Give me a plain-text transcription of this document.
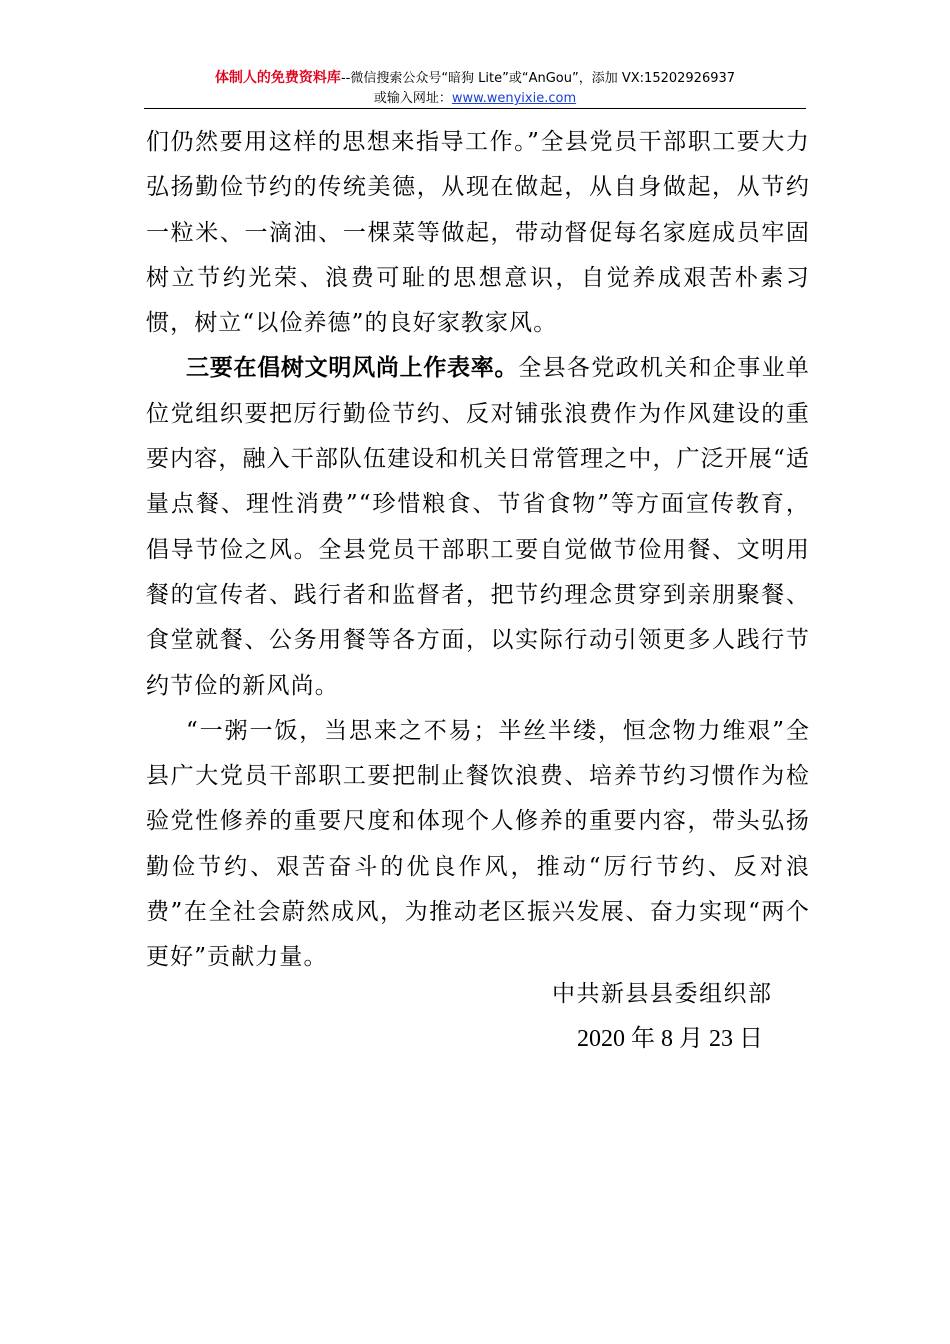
体制人的免费资料库--微信搜索公众号“暗狗 Lite”或“AnGou”，添加 VX:15202926937
或输入网址：www.wenyixie.com

们仍然要用这样的思想来指导工作。”全县党员干部职工要大力弘扬勤俭节约的传统美德，从现在做起，从自身做起，从节约一粒米、一滴油、一棵菜等做起，带动督促每名家庭成员牢固树立节约光荣、浪费可耻的思想意识，自觉养成艰苦朴素习惯，树立“以俭养德”的良好家教家风。

三要在倡树文明风尚上作表率。全县各党政机关和企事业单位党组织要把厉行勤俭节约、反对铺张浪费作为作风建设的重要内容，融入干部队伍建设和机关日常管理之中，广泛开展“适量点餐、理性消费”“珍惜粮食、节省食物”等方面宣传教育，倡导节俭之风。全县党员干部职工要自觉做节俭用餐、文明用餐的宣传者、践行者和监督者，把节约理念贯穿到亲朋聚餐、食堂就餐、公务用餐等各方面，以实际行动引领更多人践行节约节俭的新风尚。

“一粥一饭，当思来之不易；半丝半缕，恒念物力维艰”全县广大党员干部职工要把制止餐饮浪费、培养节约习惯作为检验党性修养的重要尺度和体现个人修养的重要内容，带头弘扬勤俭节约、艰苦奋斗的优良作风，推动“厉行节约、反对浪费”在全社会蔚然成风，为推动老区振兴发展、奋力实现“两个更好”贡献力量。

中共新县县委组织部
2020 年 8 月 23 日
